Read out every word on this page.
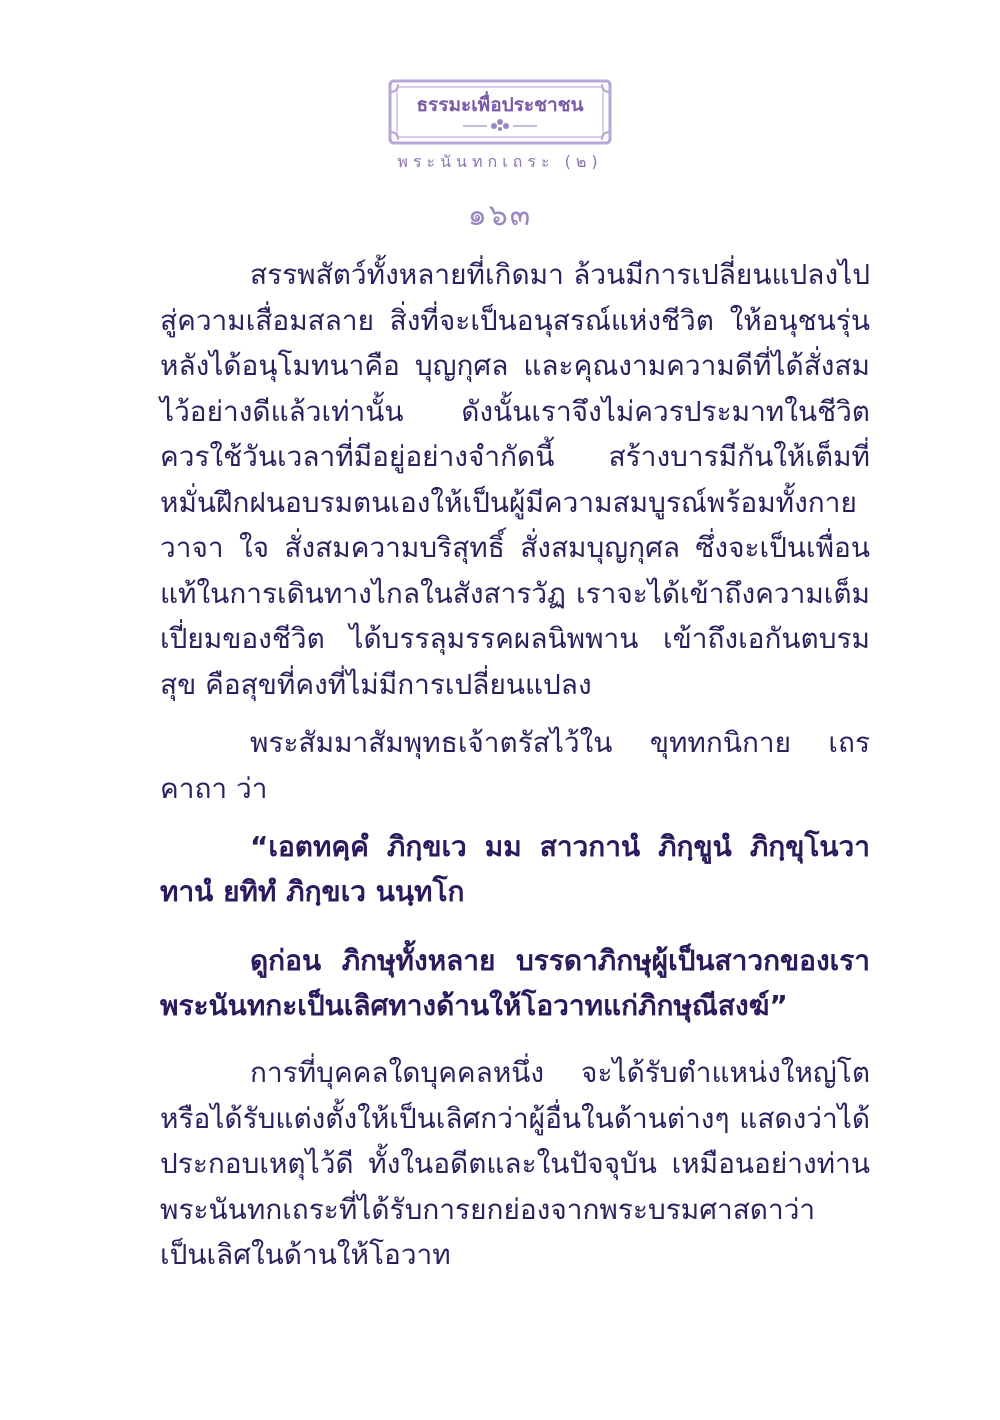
ธรรมะเพื่อประชาชน
พระนันทกเถระ (๒)
๑๖๓

สรรพสัตว์ทั้งหลายที่เกิดมา ล้วนมีการเปลี่ยนแปลงไปสู่ความเสื่อมสลาย สิ่งที่จะเป็นอนุสรณ์แห่งชีวิต ให้อนุชนรุ่นหลังได้อนุโมทนาคือ บุญกุศล และคุณงามความดีที่ได้สั่งสมไว้อย่างดีแล้วเท่านั้น ดังนั้นเราจึงไม่ควรประมาทในชีวิต ควรใช้วันเวลาที่มีอยู่อย่างจำกัดนี้ สร้างบารมีกันให้เต็มที่ หมั่นฝึกฝนอบรมตนเองให้เป็นผู้มีความสมบูรณ์พร้อมทั้งกาย วาจา ใจ สั่งสมความบริสุทธิ์ สั่งสมบุญกุศล ซึ่งจะเป็นเพื่อนแท้ในการเดินทางไกลในสังสารวัฏ เราจะได้เข้าถึงความเต็มเปี่ยมของชีวิต ได้บรรลุมรรคผลนิพพาน เข้าถึงเอกันตบรมสุข คือสุขที่คงที่ไม่มีการเปลี่ยนแปลง

พระสัมมาสัมพุทธเจ้าตรัสไว้ใน ขุททกนิกาย เถรคาถา ว่า

“เอตทคฺคํ ภิกฺขเว มม สาวกานํ ภิกฺขูนํ ภิกฺขุโนวาทานํ ยทิทํ ภิกฺขเว นนฺทโก

ดูก่อน ภิกษุทั้งหลาย บรรดาภิกษุผู้เป็นสาวกของเรา พระนันทกะเป็นเลิศทางด้านให้โอวาทแก่ภิกษุณีสงฆ์”

การที่บุคคลใดบุคคลหนึ่ง จะได้รับตำแหน่งใหญ่โต หรือได้รับแต่งตั้งให้เป็นเลิศกว่าผู้อื่นในด้านต่างๆ แสดงว่าได้ประกอบเหตุไว้ดี ทั้งในอดีตและในปัจจุบัน เหมือนอย่างท่านพระนันทกเถระที่ได้รับการยกย่องจากพระบรมศาสดาว่า เป็นเลิศในด้านให้โอวาท
